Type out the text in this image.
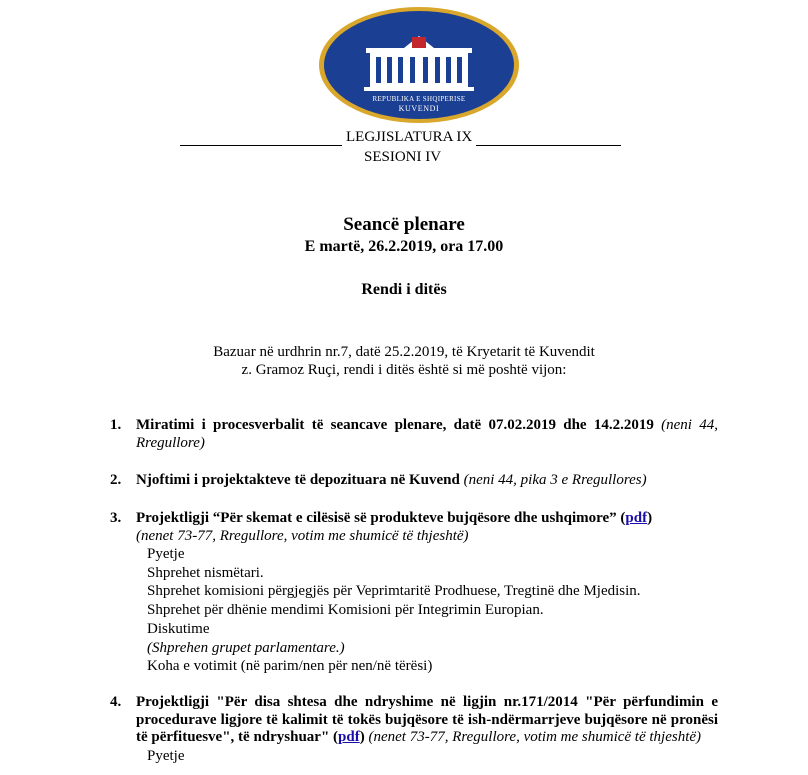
REPUBLIKA E SHQIPERISE
KUVENDI
LEGJISLATURA IX
SESIONI IV
Seancë plenare
E martë, 26.2.2019, ora 17.00
Rendi i ditës
Bazuar në urdhrin nr.7, datë 25.2.2019, të Kryetarit të Kuvendit
z. Gramoz Ruçi, rendi i ditës është si më poshtë vijon:
1. Miratimi i procesverbalit të seancave plenare, datë 07.02.2019 dhe 14.2.2019 (neni 44, Rregullore)
2. Njoftimi i projektakteve të depozituara në Kuvend (neni 44, pika 3 e Rregullores)
3. Projektligji “Për skemat e cilësisë së produkteve bujqësore dhe ushqimore” (pdf)
(nenet 73-77, Rregullore, votim me shumicë të thjeshtë)
Pyetje
Shprehet nismëtari.
Shprehet komisioni përgjegjës për Veprimtaritë Prodhuese, Tregtinë dhe Mjedisin.
Shprehet për dhënie mendimi Komisioni për Integrimin Europian.
Diskutime
(Shprehen grupet parlamentare.)
Koha e votimit (në parim/nen për nen/në tërësi)
4. Projektligji "Për disa shtesa dhe ndryshime në ligjin nr.171/2014 "Për përfundimin e procedurave ligjore të kalimit të tokës bujqësore të ish-ndërmarrjeve bujqësore në pronësi të përfituesve", të ndryshuar" (pdf) (nenet 73-77, Rregullore, votim me shumicë të thjeshtë)
Pyetje
